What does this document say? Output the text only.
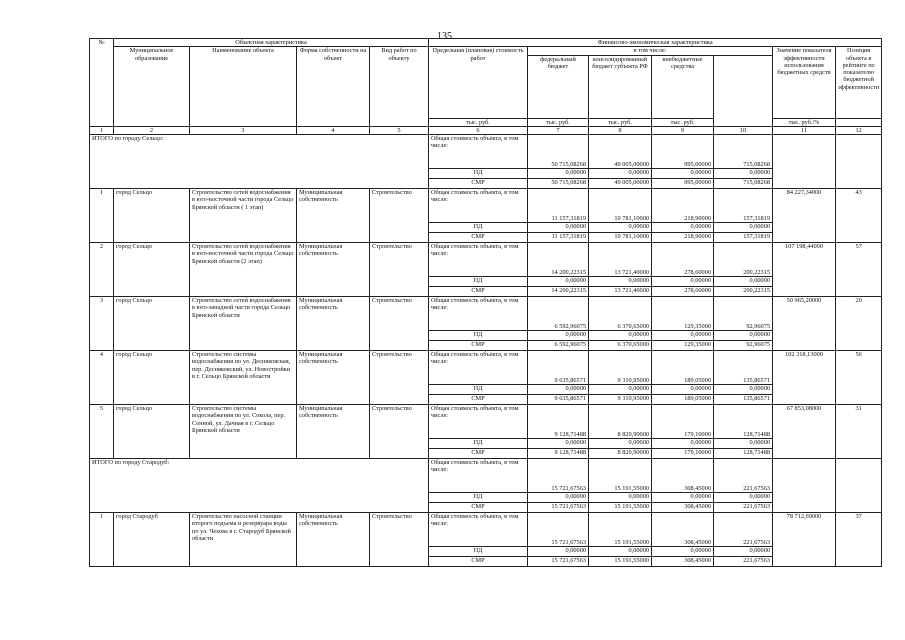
135
№	Объектная характеристика				Финансово-экономическая характеристика						
	Муниципальное образование	Наименование объекта	Форма собственности на объект	Вид работ по объекту	Предельная (плановая) стоимость работ	в том числе:				Значение показателя эффективности использования бюджетных средств	Позиция объекта в рейтинге по показателю бюджетной эффективности
						федеральный бюджет	консолидированный бюджет субъекта РФ	внебюджетные средства			
					тыс. руб.	тыс. руб.	тыс. руб.	тыс. руб.		тыс. руб./%	
1	2	3	4	5	6	7	8	9	10	11	12
ИТОГО по городу Сельцо:					Общая стоимость объекта, в том числе:	50 715,08268	49 005,00000	995,00000	715,08268		
					ПД	0,00000	0,00000	0,00000	0,00000		
					СМР	50 715,08268	49 005,00000	995,00000	715,08268		
1	город Сельцо	Строительство сетей водоснабжения в юго-восточной части города Сельцо Брянской области ( 1 этап)	Муниципальная собственность	Строительство	Общая стоимость объекта, в том числе:	11 157,31819	10 781,10000	218,90000	157,31819	84 227,34000	43
					ПД	0,00000	0,00000	0,00000	0,00000		
					СМР	11 157,31819	10 781,10000	218,90000	157,31819		
2	город Сельцо	Строительство сетей водоснабжения в юго-восточной части города Сельцо Брянской области (2 этап)	Муниципальная собственность	Строительство	Общая стоимость объекта, в том числе:	14 200,22315	13 721,40000	278,60000	200,22315	107 198,44000	57
					ПД	0,00000	0,00000	0,00000	0,00000		
					СМР	14 200,22315	13 721,40000	278,60000	200,22315		
3	город Сельцо	Строительство сетей водоснабжения в юго-западной части города Сельцо Брянской области	Муниципальная собственность	Строительство	Общая стоимость объекта, в том числе:	6 592,96075	6 370,65000	129,35000	92,96075	50 965,20000	20
					ПД	0,00000	0,00000	0,00000	0,00000		
					СМР	6 592,96075	6 370,65000	129,35000	92,96075		
4	город Сельцо	Строительство системы водоснабжения по ул. Десняковская, пер. Десняковский, ул. Новостройки в г. Сельцо Брянской области	Муниципальная собственность	Строительство	Общая стоимость объекта, в том числе:	9 635,86571	9 310,95000	189,05000	135,86571	102 318,13000	56
					ПД	0,00000	0,00000	0,00000	0,00000		
					СМР	9 635,86571	9 310,95000	189,05000	135,86571		
5	город Сельцо	Строительство системы водоснабжения по ул. Сокола, пер. Сенной, ул. Дачная в г. Сельцо Брянской области	Муниципальная собственность	Строительство	Общая стоимость объекта, в том числе:	9 128,71488	8 820,90000	179,10000	128,71488	67 853,08000	31
					ПД	0,00000	0,00000	0,00000	0,00000		
					СМР	9 128,71488	8 820,90000	179,10000	128,71488		
ИТОГО по городу Стародуб:					Общая стоимость объекта, в том числе:	15 721,67563	15 191,55000	308,45000	221,67563		
					ПД	0,00000	0,00000	0,00000	0,00000		
					СМР	15 721,67563	15 191,55000	308,45000	221,67563		
1	город Стародуб	Строительство насосной станции второго подъема и резервуара воды по ул. Чехова в г. Стародуб Брянской области	Муниципальная собственность	Строительство	Общая стоимость объекта, в том числе:	15 721,67563	15 191,55000	308,45000	221,67563	78 712,69000	37
					ПД	0,00000	0,00000	0,00000	0,00000		
					СМР	15 721,67563	15 191,55000	308,45000	221,67563		
